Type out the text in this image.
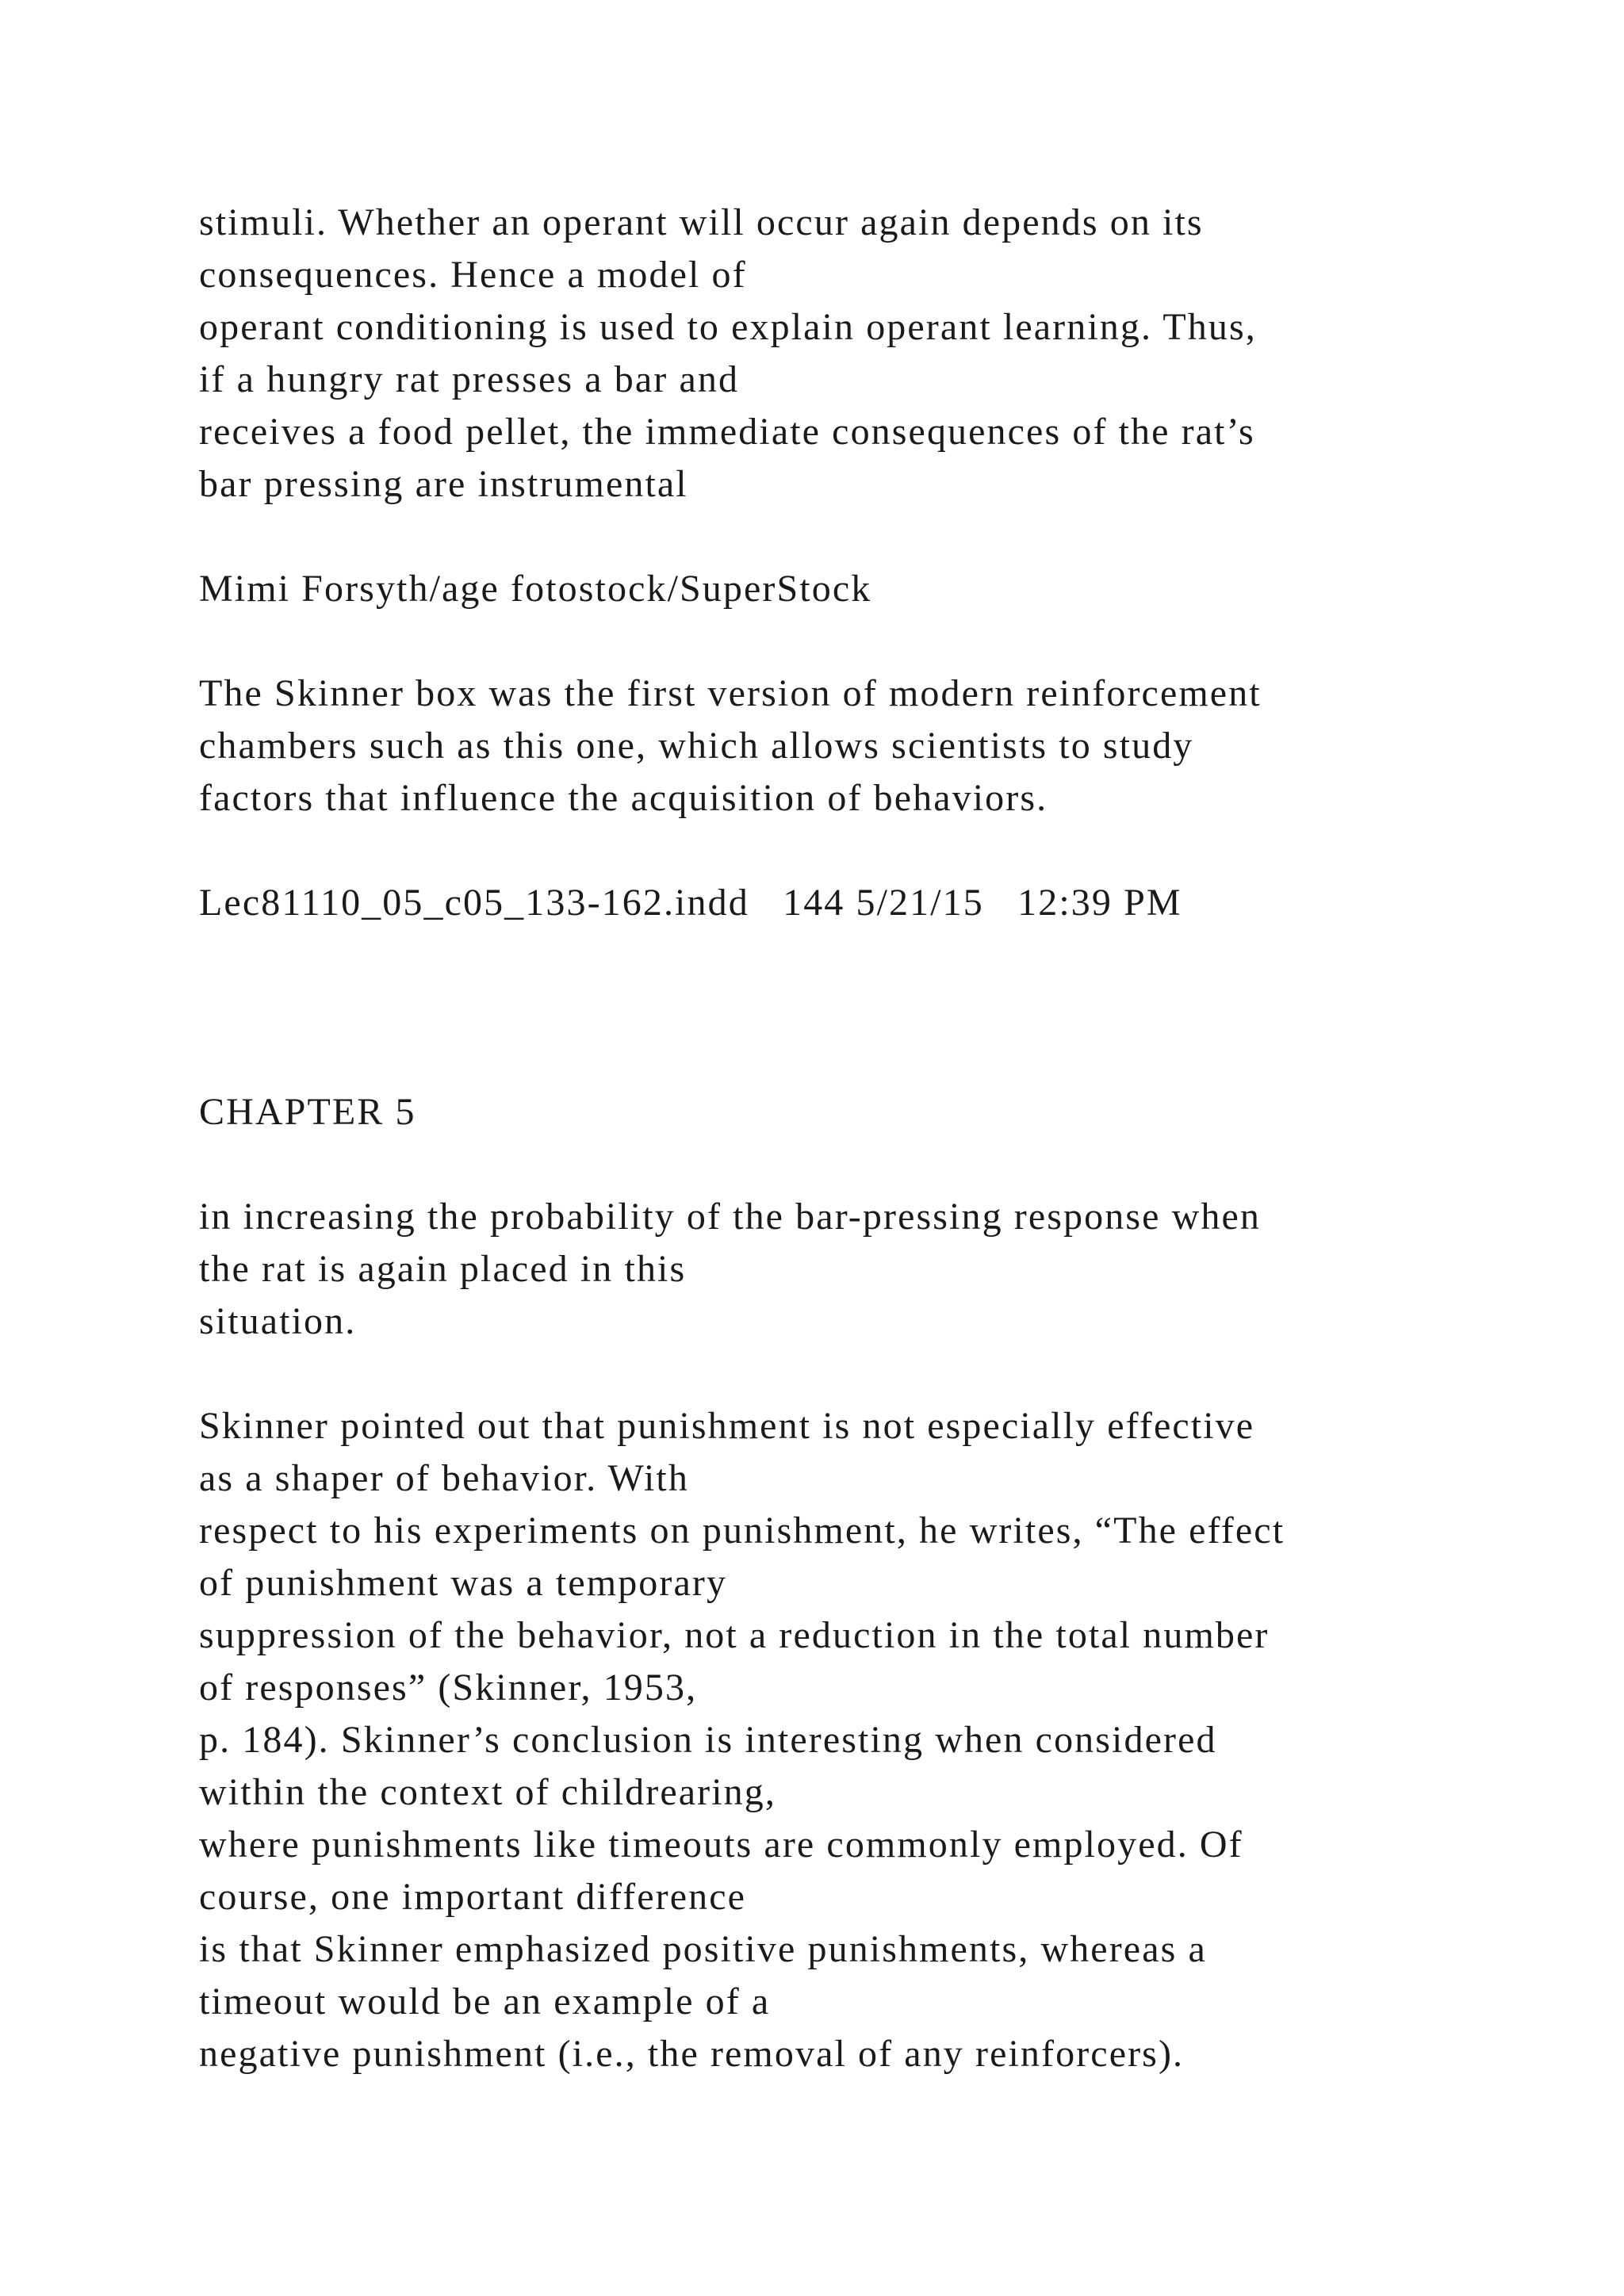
stimuli. Whether an operant will occur again depends on its
consequences. Hence a model of
operant conditioning is used to explain operant learning. Thus,
if a hungry rat presses a bar and
receives a food pellet, the immediate consequences of the rat’s
bar pressing are instrumental
Mimi Forsyth/age fotostock/SuperStock
The Skinner box was the first version of modern reinforcement
chambers such as this one, which allows scientists to study
factors that influence the acquisition of behaviors.
Lec81110_05_c05_133-162.indd   144 5/21/15   12:39 PM
CHAPTER 5
in increasing the probability of the bar-pressing response when
the rat is again placed in this
situation.
Skinner pointed out that punishment is not especially effective
as a shaper of behavior. With
respect to his experiments on punishment, he writes, “The effect
of punishment was a temporary
suppression of the behavior, not a reduction in the total number
of responses” (Skinner, 1953,
p. 184). Skinner’s conclusion is interesting when considered
within the context of childrearing,
where punishments like timeouts are commonly employed. Of
course, one important difference
is that Skinner emphasized positive punishments, whereas a
timeout would be an example of a
negative punishment (i.e., the removal of any reinforcers).
